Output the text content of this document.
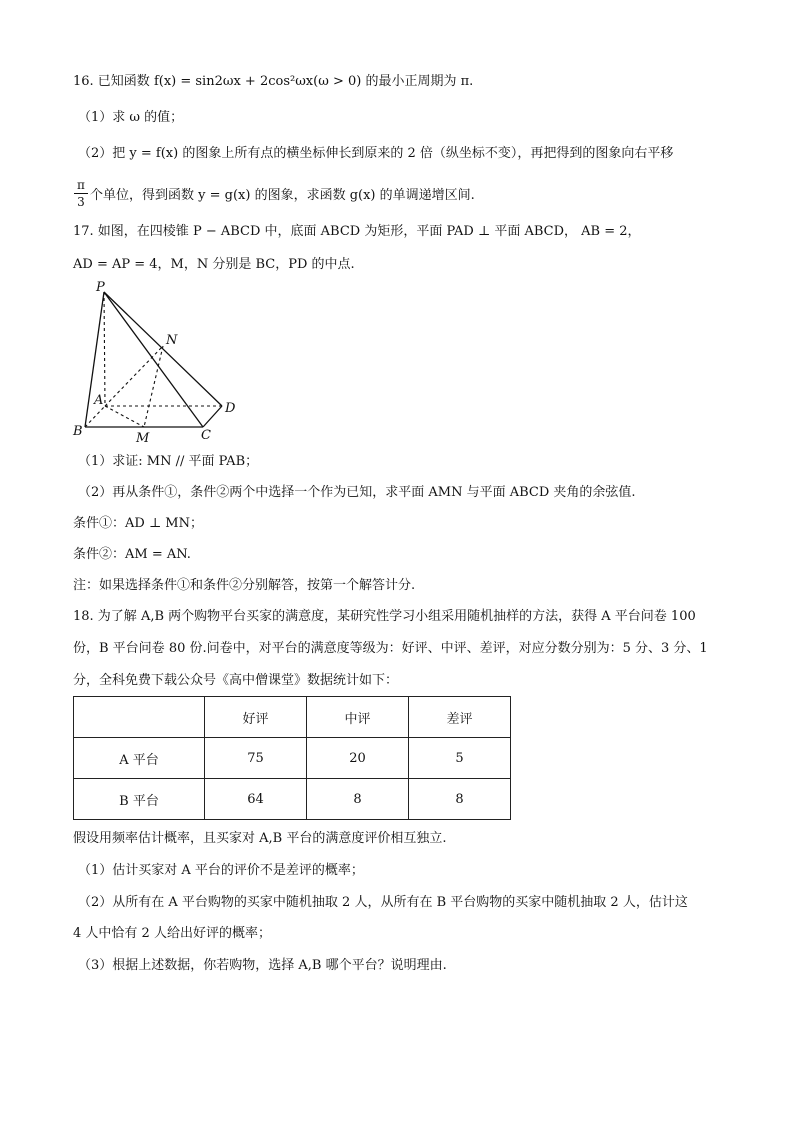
16. 已知函数 f(x) = sin2ωx + 2cos²ωx(ω > 0) 的最小正周期为 π.
（1）求 ω 的值；
（2）把 y = f(x) 的图象上所有点的横坐标伸长到原来的 2 倍（纵坐标不变），再把得到的图象向右平移
$\frac{\pi}{3}$ 个单位，得到函数 y = g(x) 的图象，求函数 g(x) 的单调递增区间.
17. 如图，在四棱锥 P − ABCD 中，底面 ABCD 为矩形，平面 PAD ⊥ 平面 ABCD， AB = 2，
AD = AP = 4，M，N 分别是 BC，PD 的中点.
P
N
A
D
B	M	C
（1）求证: MN // 平面 PAB；
（2）再从条件①，条件②两个中选择一个作为已知，求平面 AMN 与平面 ABCD 夹角的余弦值.
条件①：AD ⊥ MN；
条件②：AM = AN.
注：如果选择条件①和条件②分别解答，按第一个解答计分.
18. 为了解 A,B 两个购物平台买家的满意度，某研究性学习小组采用随机抽样的方法，获得 A 平台问卷 100
份，B 平台问卷 80 份.问卷中，对平台的满意度等级为：好评、中评、差评，对应分数分别为：5 分、3 分、1
分，全科免费下载公众号《高中僧课堂》数据统计如下：
	好评	中评	差评
A 平台	75	20	5
B 平台	64	8	8
假设用频率估计概率，且买家对 A,B 平台的满意度评价相互独立.
（1）估计买家对 A 平台的评价不是差评的概率；
（2）从所有在 A 平台购物的买家中随机抽取 2 人，从所有在 B 平台购物的买家中随机抽取 2 人，估计这
4 人中恰有 2 人给出好评的概率；
（3）根据上述数据，你若购物，选择 A,B 哪个平台？说明理由.
